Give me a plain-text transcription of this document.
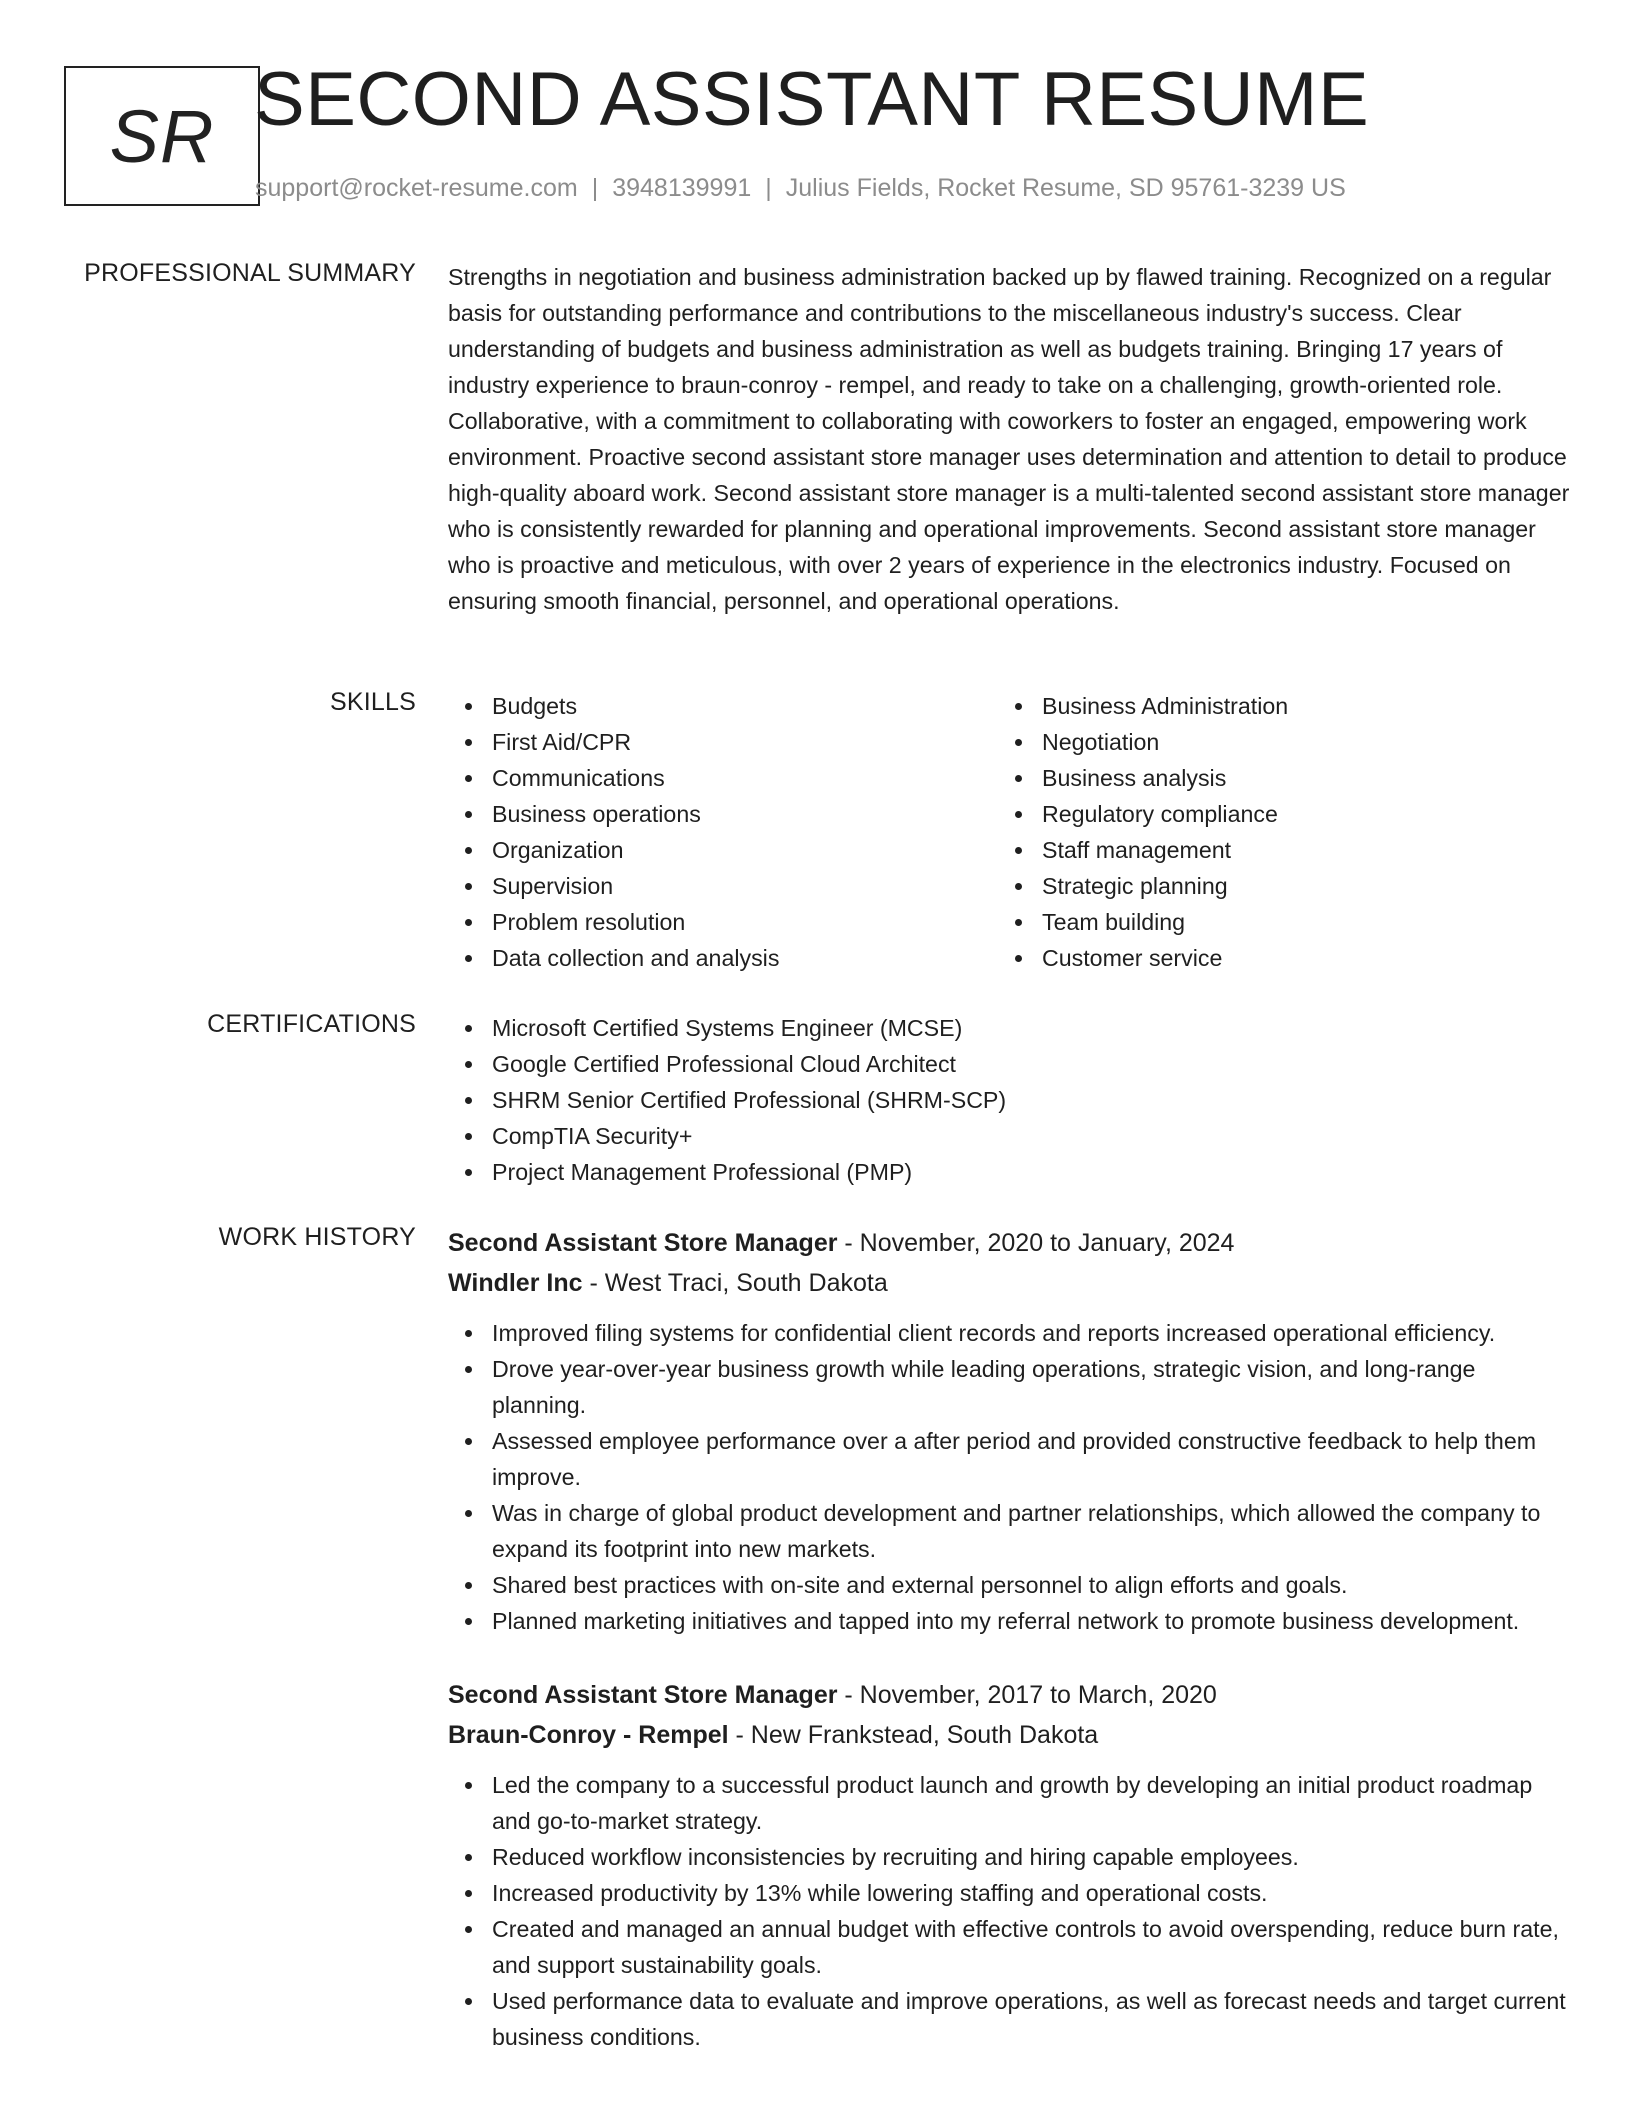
SR SECOND ASSISTANT RESUME
support@rocket-resume.com | 3948139991 | Julius Fields, Rocket Resume, SD 95761-3239 US
PROFESSIONAL SUMMARY Strengths in negotiation and business administration backed up by flawed training. Recognized on a regular basis for outstanding performance and contributions to the miscellaneous industry's success. Clear understanding of budgets and business administration as well as budgets training. Bringing 17 years of industry experience to braun-conroy - rempel, and ready to take on a challenging, growth-oriented role. Collaborative, with a commitment to collaborating with coworkers to foster an engaged, empowering work environment. Proactive second assistant store manager uses determination and attention to detail to produce high-quality aboard work. Second assistant store manager is a multi-talented second assistant store manager who is consistently rewarded for planning and operational improvements. Second assistant store manager who is proactive and meticulous, with over 2 years of experience in the electronics industry. Focused on ensuring smooth financial, personnel, and operational operations.

SKILLS	Budgets
First Aid/CPR
Communications
Business operations
Organization
Supervision
Problem resolution
Data collection and analysis
Business Administration
Negotiation
Business analysis
Regulatory compliance
Staff management
Strategic planning
Team building
Customer service
CERTIFICATIONS	Microsoft Certified Systems Engineer (MCSE)
Google Certified Professional Cloud Architect
SHRM Senior Certified Professional (SHRM-SCP)
CompTIA Security+
Project Management Professional (PMP)
WORK HISTORY Second Assistant Store Manager - November, 2020 to January, 2024
Windler Inc - West Traci, South Dakota
Improved filing systems for confidential client records and reports increased operational efficiency.
Drove year-over-year business growth while leading operations, strategic vision, and long-range planning.
Assessed employee performance over a after period and provided constructive feedback to help them improve.
Was in charge of global product development and partner relationships, which allowed the company to expand its footprint into new markets.
Shared best practices with on-site and external personnel to align efforts and goals.
Planned marketing initiatives and tapped into my referral network to promote business development.
Second Assistant Store Manager - November, 2017 to March, 2020
Braun-Conroy - Rempel - New Frankstead, South Dakota
Led the company to a successful product launch and growth by developing an initial product roadmap and go-to-market strategy.
Reduced workflow inconsistencies by recruiting and hiring capable employees.
Increased productivity by 13% while lowering staffing and operational costs.
Created and managed an annual budget with effective controls to avoid overspending, reduce burn rate, and support sustainability goals.
Used performance data to evaluate and improve operations, as well as forecast needs and target current business conditions.
